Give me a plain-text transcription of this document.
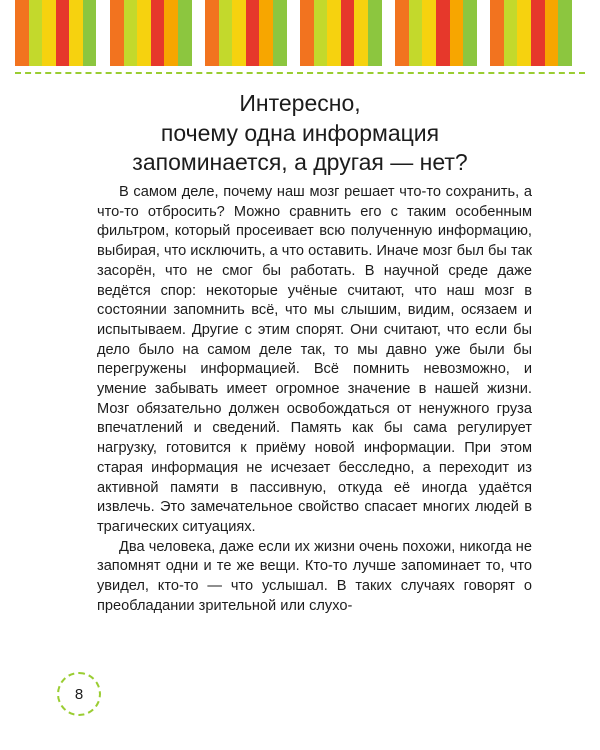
Интересно,
почему одна информация
запоминается, а другая — нет?

В самом деле, почему наш мозг решает что-то сохранить, а что-то отбросить? Можно сравнить его с таким особенным фильтром, который просеивает всю полученную информацию, выбирая, что исключить, а что оставить. Иначе мозг был бы так засорён, что не смог бы работать. В научной среде даже ведётся спор: некоторые учёные считают, что наш мозг в состоянии запомнить всё, что мы слышим, видим, осязаем и испытываем. Другие с этим спорят. Они считают, что если бы дело было на самом деле так, то мы давно уже были бы перегружены информацией. Всё помнить невозможно, и умение забывать имеет огромное значение в нашей жизни. Мозг обязательно должен освобождаться от ненужного груза впечатлений и сведений. Память как бы сама регулирует нагрузку, готовится к приёму новой информации. При этом старая информация не исчезает бесследно, а переходит из активной памяти в пассивную, откуда её иногда удаётся извлечь. Это замечательное свойство спасает многих людей в трагических ситуациях.

Два человека, даже если их жизни очень похожи, никогда не запомнят одни и те же вещи. Кто-то лучше запоминает то, что увидел, кто-то — что услышал. В таких случаях говорят о преобладании зрительной или слухо-

8
